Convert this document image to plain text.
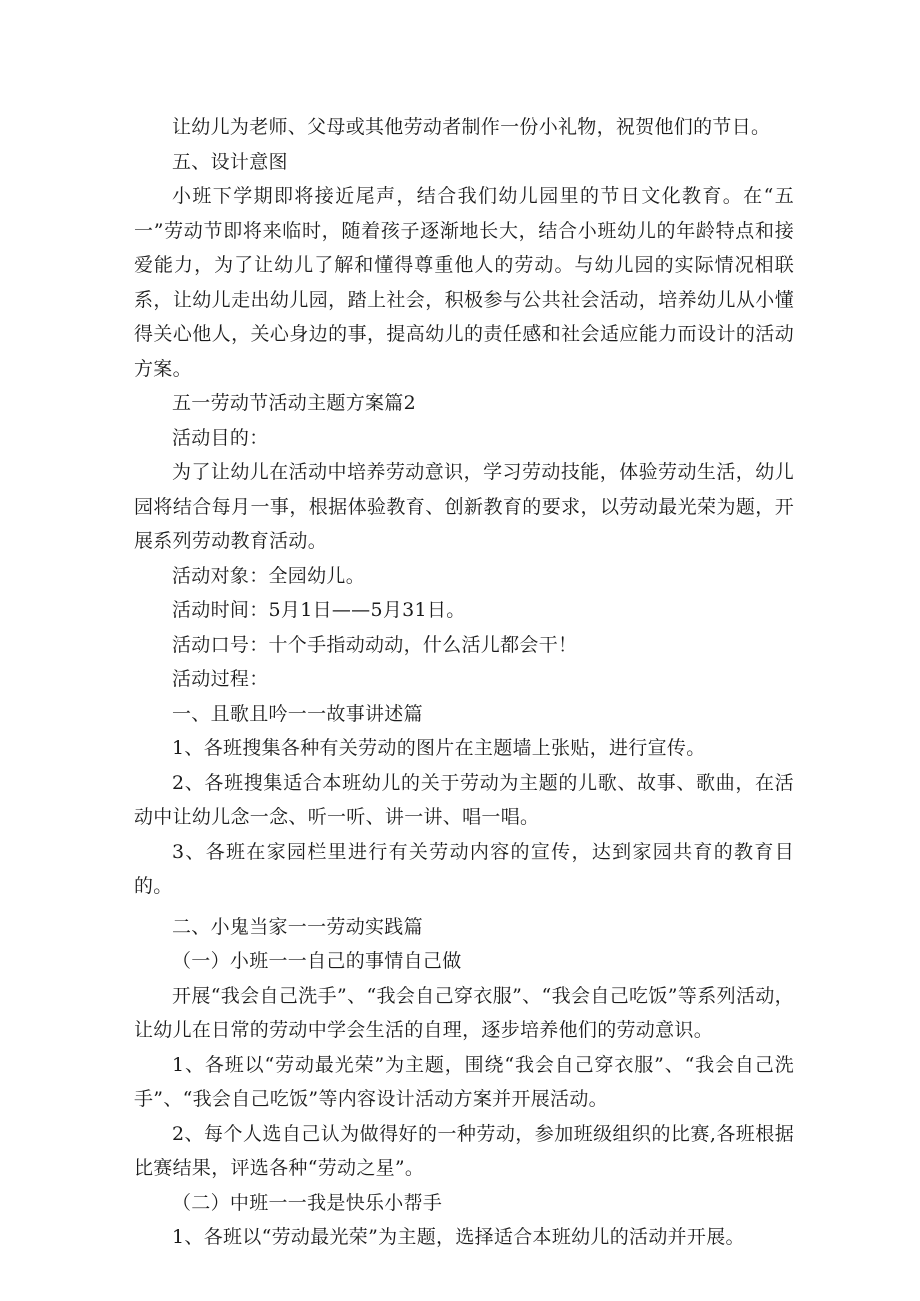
让幼儿为老师、父母或其他劳动者制作一份小礼物，祝贺他们的节日。

五、设计意图

小班下学期即将接近尾声，结合我们幼儿园里的节日文化教育。在“五一”劳动节即将来临时，随着孩子逐渐地长大，结合小班幼儿的年龄特点和接爱能力，为了让幼儿了解和懂得尊重他人的劳动。与幼儿园的实际情况相联系，让幼儿走出幼儿园，踏上社会，积极参与公共社会活动，培养幼儿从小懂得关心他人，关心身边的事，提高幼儿的责任感和社会适应能力而设计的活动方案。

五一劳动节活动主题方案篇2

活动目的：

为了让幼儿在活动中培养劳动意识，学习劳动技能，体验劳动生活，幼儿园将结合每月一事，根据体验教育、创新教育的要求，以劳动最光荣为题，开展系列劳动教育活动。

活动对象：全园幼儿。

活动时间：5月1日——5月31日。

活动口号：十个手指动动动，什么活儿都会干！

活动过程：

一、且歌且吟一一故事讲述篇

1、各班搜集各种有关劳动的图片在主题墙上张贴，进行宣传。

2、各班搜集适合本班幼儿的关于劳动为主题的儿歌、故事、歌曲，在活动中让幼儿念一念、听一听、讲一讲、唱一唱。

3、各班在家园栏里进行有关劳动内容的宣传，达到家园共育的教育目的。

二、小鬼当家一一劳动实践篇

（一）小班一一自己的事情自己做

开展“我会自己洗手”、“我会自己穿衣服”、“我会自己吃饭”等系列活动，让幼儿在日常的劳动中学会生活的自理，逐步培养他们的劳动意识。

1、各班以“劳动最光荣”为主题，围绕“我会自己穿衣服”、“我会自己洗手”、“我会自己吃饭”等内容设计活动方案并开展活动。

2、每个人选自己认为做得好的一种劳动，参加班级组织的比赛,各班根据比赛结果，评选各种“劳动之星”。

（二）中班一一我是快乐小帮手

1、各班以“劳动最光荣”为主题，选择适合本班幼儿的活动并开展。
